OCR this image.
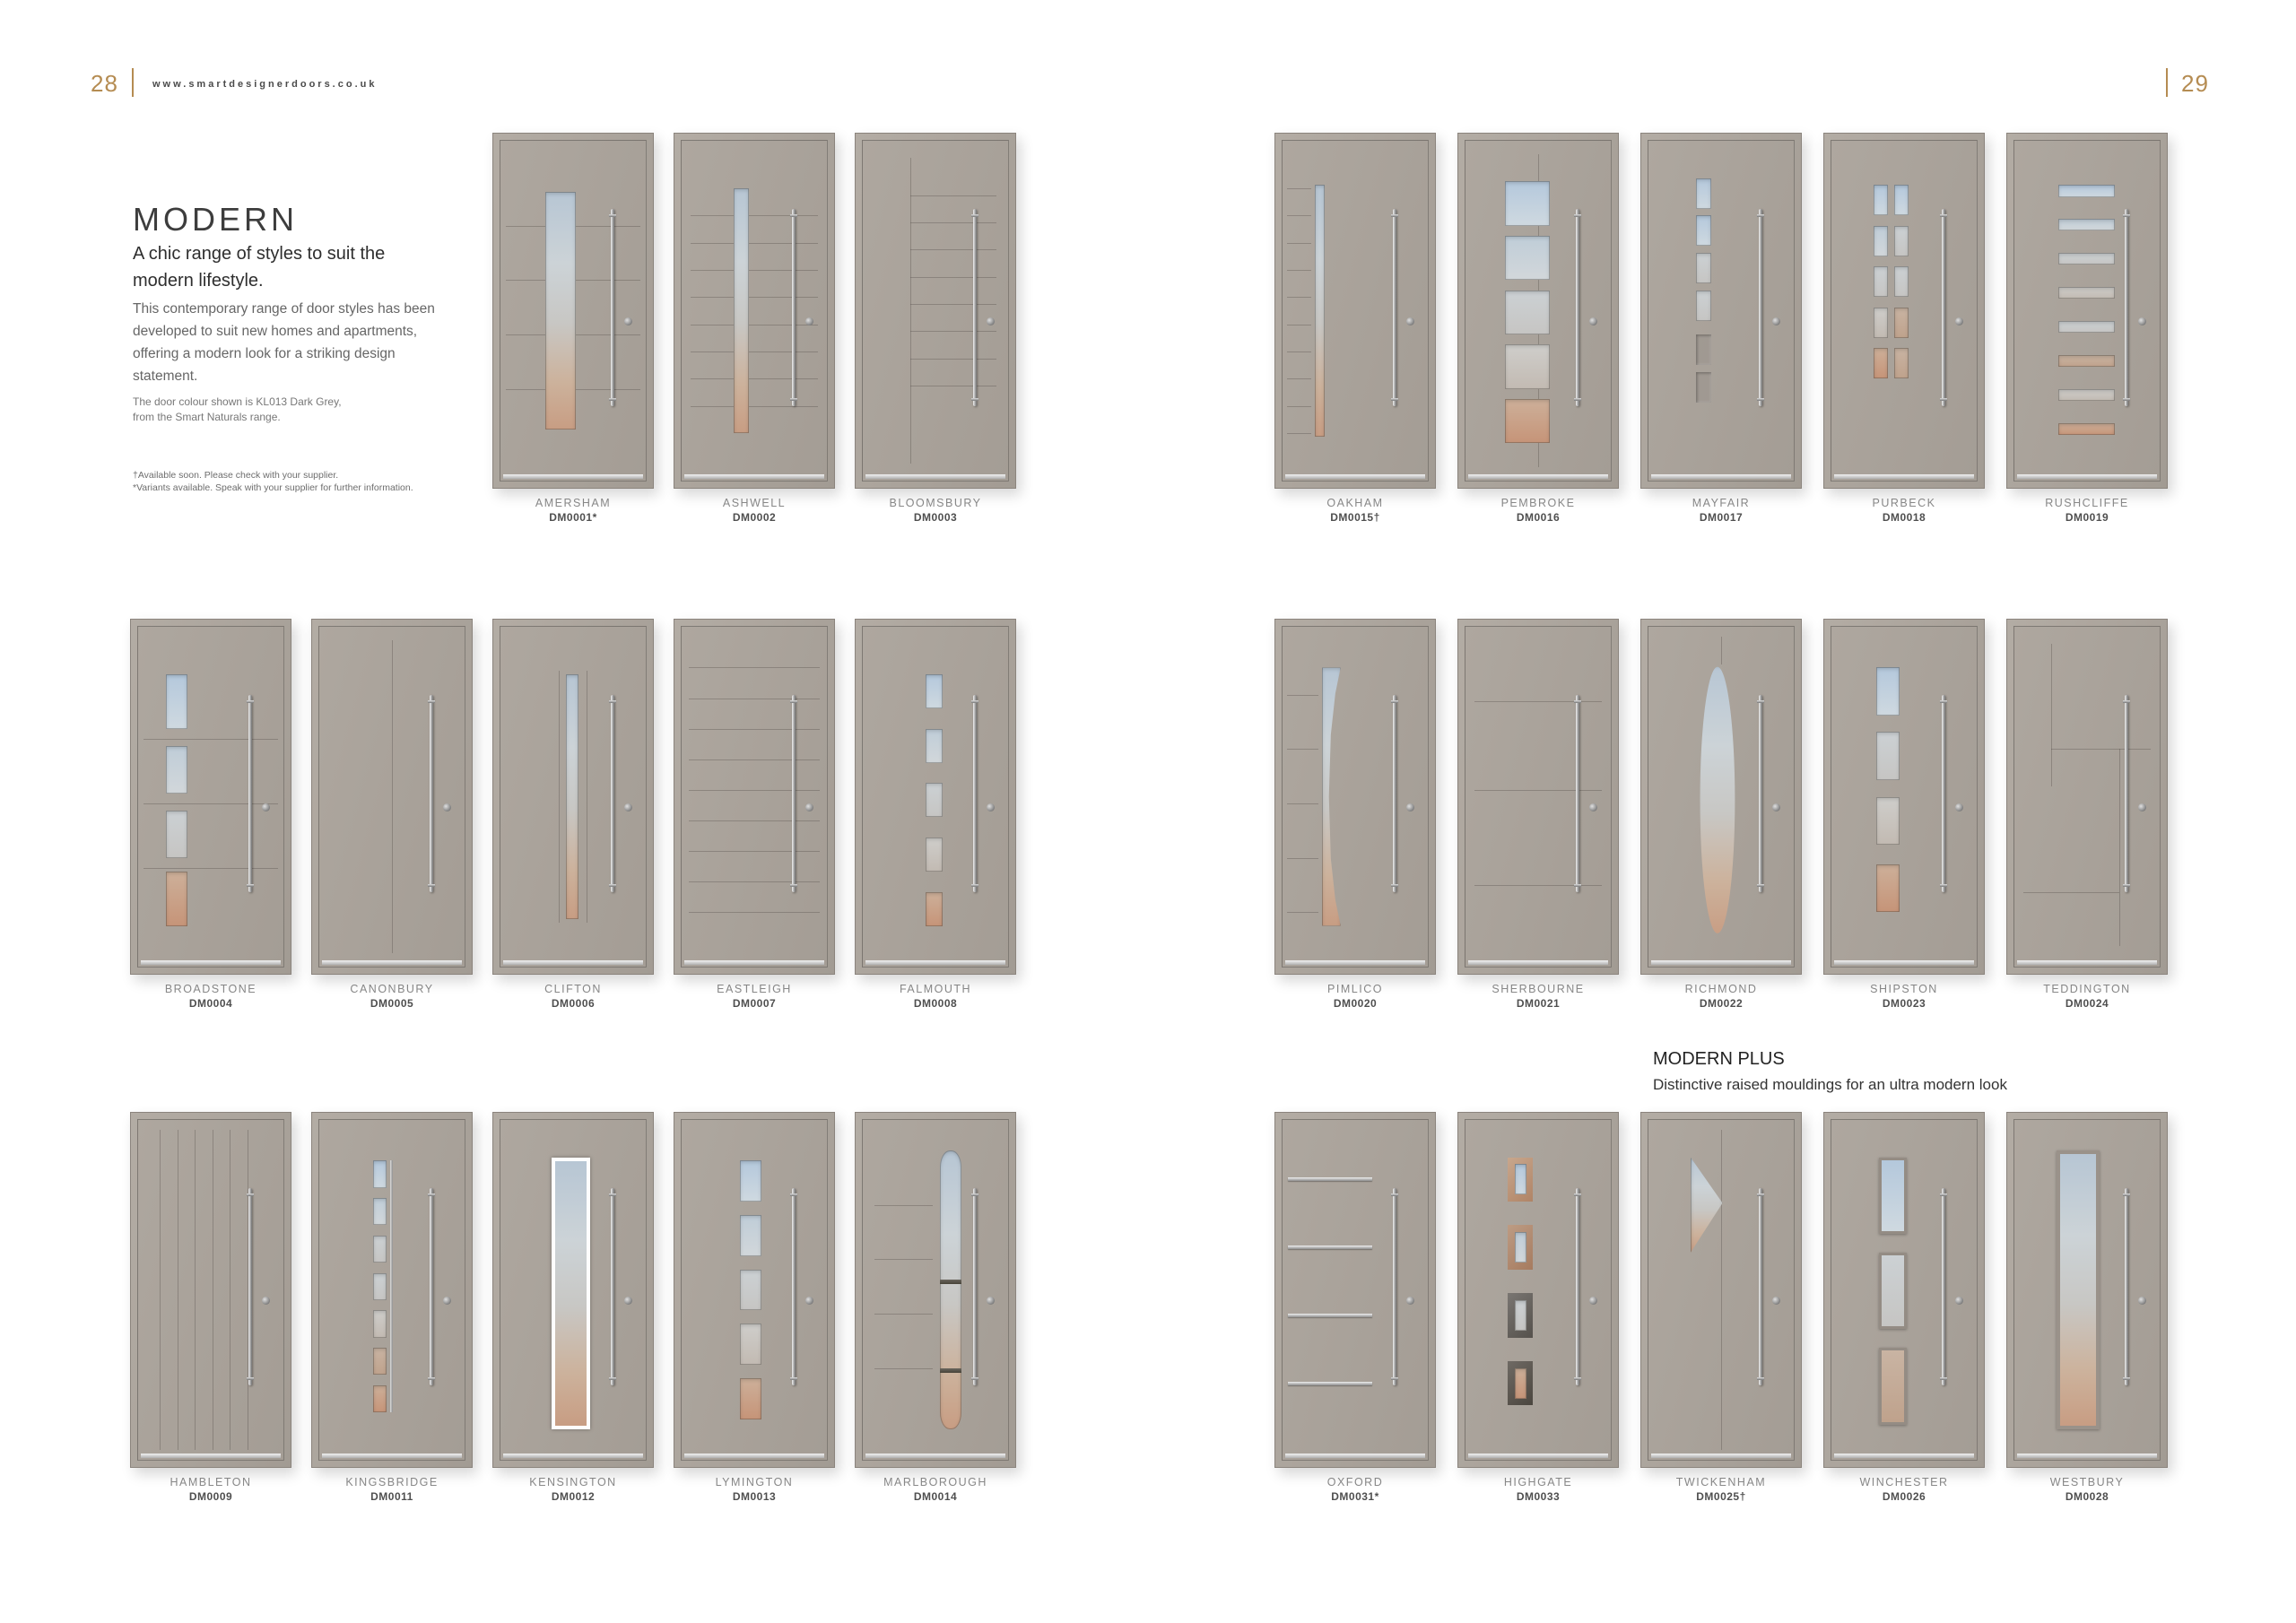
28	www.smartdesignerdoors.co.uk	29
MODERN
A chic range of styles to suit the modern lifestyle.
This contemporary range of door styles has been developed to suit new homes and apartments, offering a modern look for a striking design statement.
The door colour shown is KL013 Dark Grey,
from the Smart Naturals range.
†Available soon. Please check with your supplier.
*Variants available. Speak with your supplier for further information.
MODERN PLUS
Distinctive raised mouldings for an ultra modern look
AMERSHAM
DM0001*
ASHWELL
DM0002
BLOOMSBURY
DM0003
BROADSTONE
DM0004
CANONBURY
DM0005
CLIFTON
DM0006
EASTLEIGH
DM0007
FALMOUTH
DM0008
HAMBLETON
DM0009
KINGSBRIDGE
DM0011
KENSINGTON
DM0012
LYMINGTON
DM0013
MARLBOROUGH
DM0014
OAKHAM
DM0015†
PEMBROKE
DM0016
MAYFAIR
DM0017
PURBECK
DM0018
RUSHCLIFFE
DM0019
PIMLICO
DM0020
SHERBOURNE
DM0021
RICHMOND
DM0022
SHIPSTON
DM0023
TEDDINGTON
DM0024
OXFORD
DM0031*
HIGHGATE
DM0033
TWICKENHAM
DM0025†
WINCHESTER
DM0026
WESTBURY
DM0028
